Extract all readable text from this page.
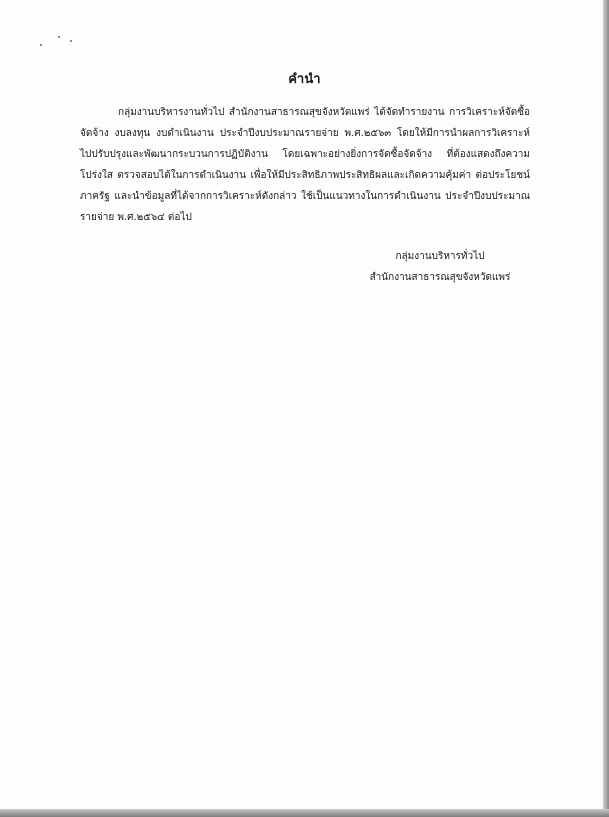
คำนำ

กลุ่มงานบริหารงานทั่วไป สำนักงานสาธารณสุขจังหวัดแพร่ ได้จัดทำรายงาน การวิเคราะห์จัดซื้อจัดจ้าง งบลงทุน งบดำเนินงาน ประจำปีงบประมาณรายจ่าย พ.ศ.๒๕๖๓ โดยให้มีการนำผลการวิเคราะห์ ไปปรับปรุงและพัฒนากระบวนการปฏิบัติงาน โดยเฉพาะอย่างยิ่งการจัดซื้อจัดจ้าง ที่ต้องแสดงถึงความโปร่งใส ตรวจสอบได้ในการดำเนินงาน เพื่อให้มีประสิทธิภาพประสิทธิผลและเกิดความคุ้มค่า ต่อประโยชน์ภาครัฐ และนำข้อมูลที่ได้จากการวิเคราะห์ดังกล่าว ใช้เป็นแนวทางในการดำเนินงาน ประจำปีงบประมาณรายจ่าย พ.ศ.๒๕๖๔ ต่อไป

กลุ่มงานบริหารทั่วไป
สำนักงานสาธารณสุขจังหวัดแพร่
